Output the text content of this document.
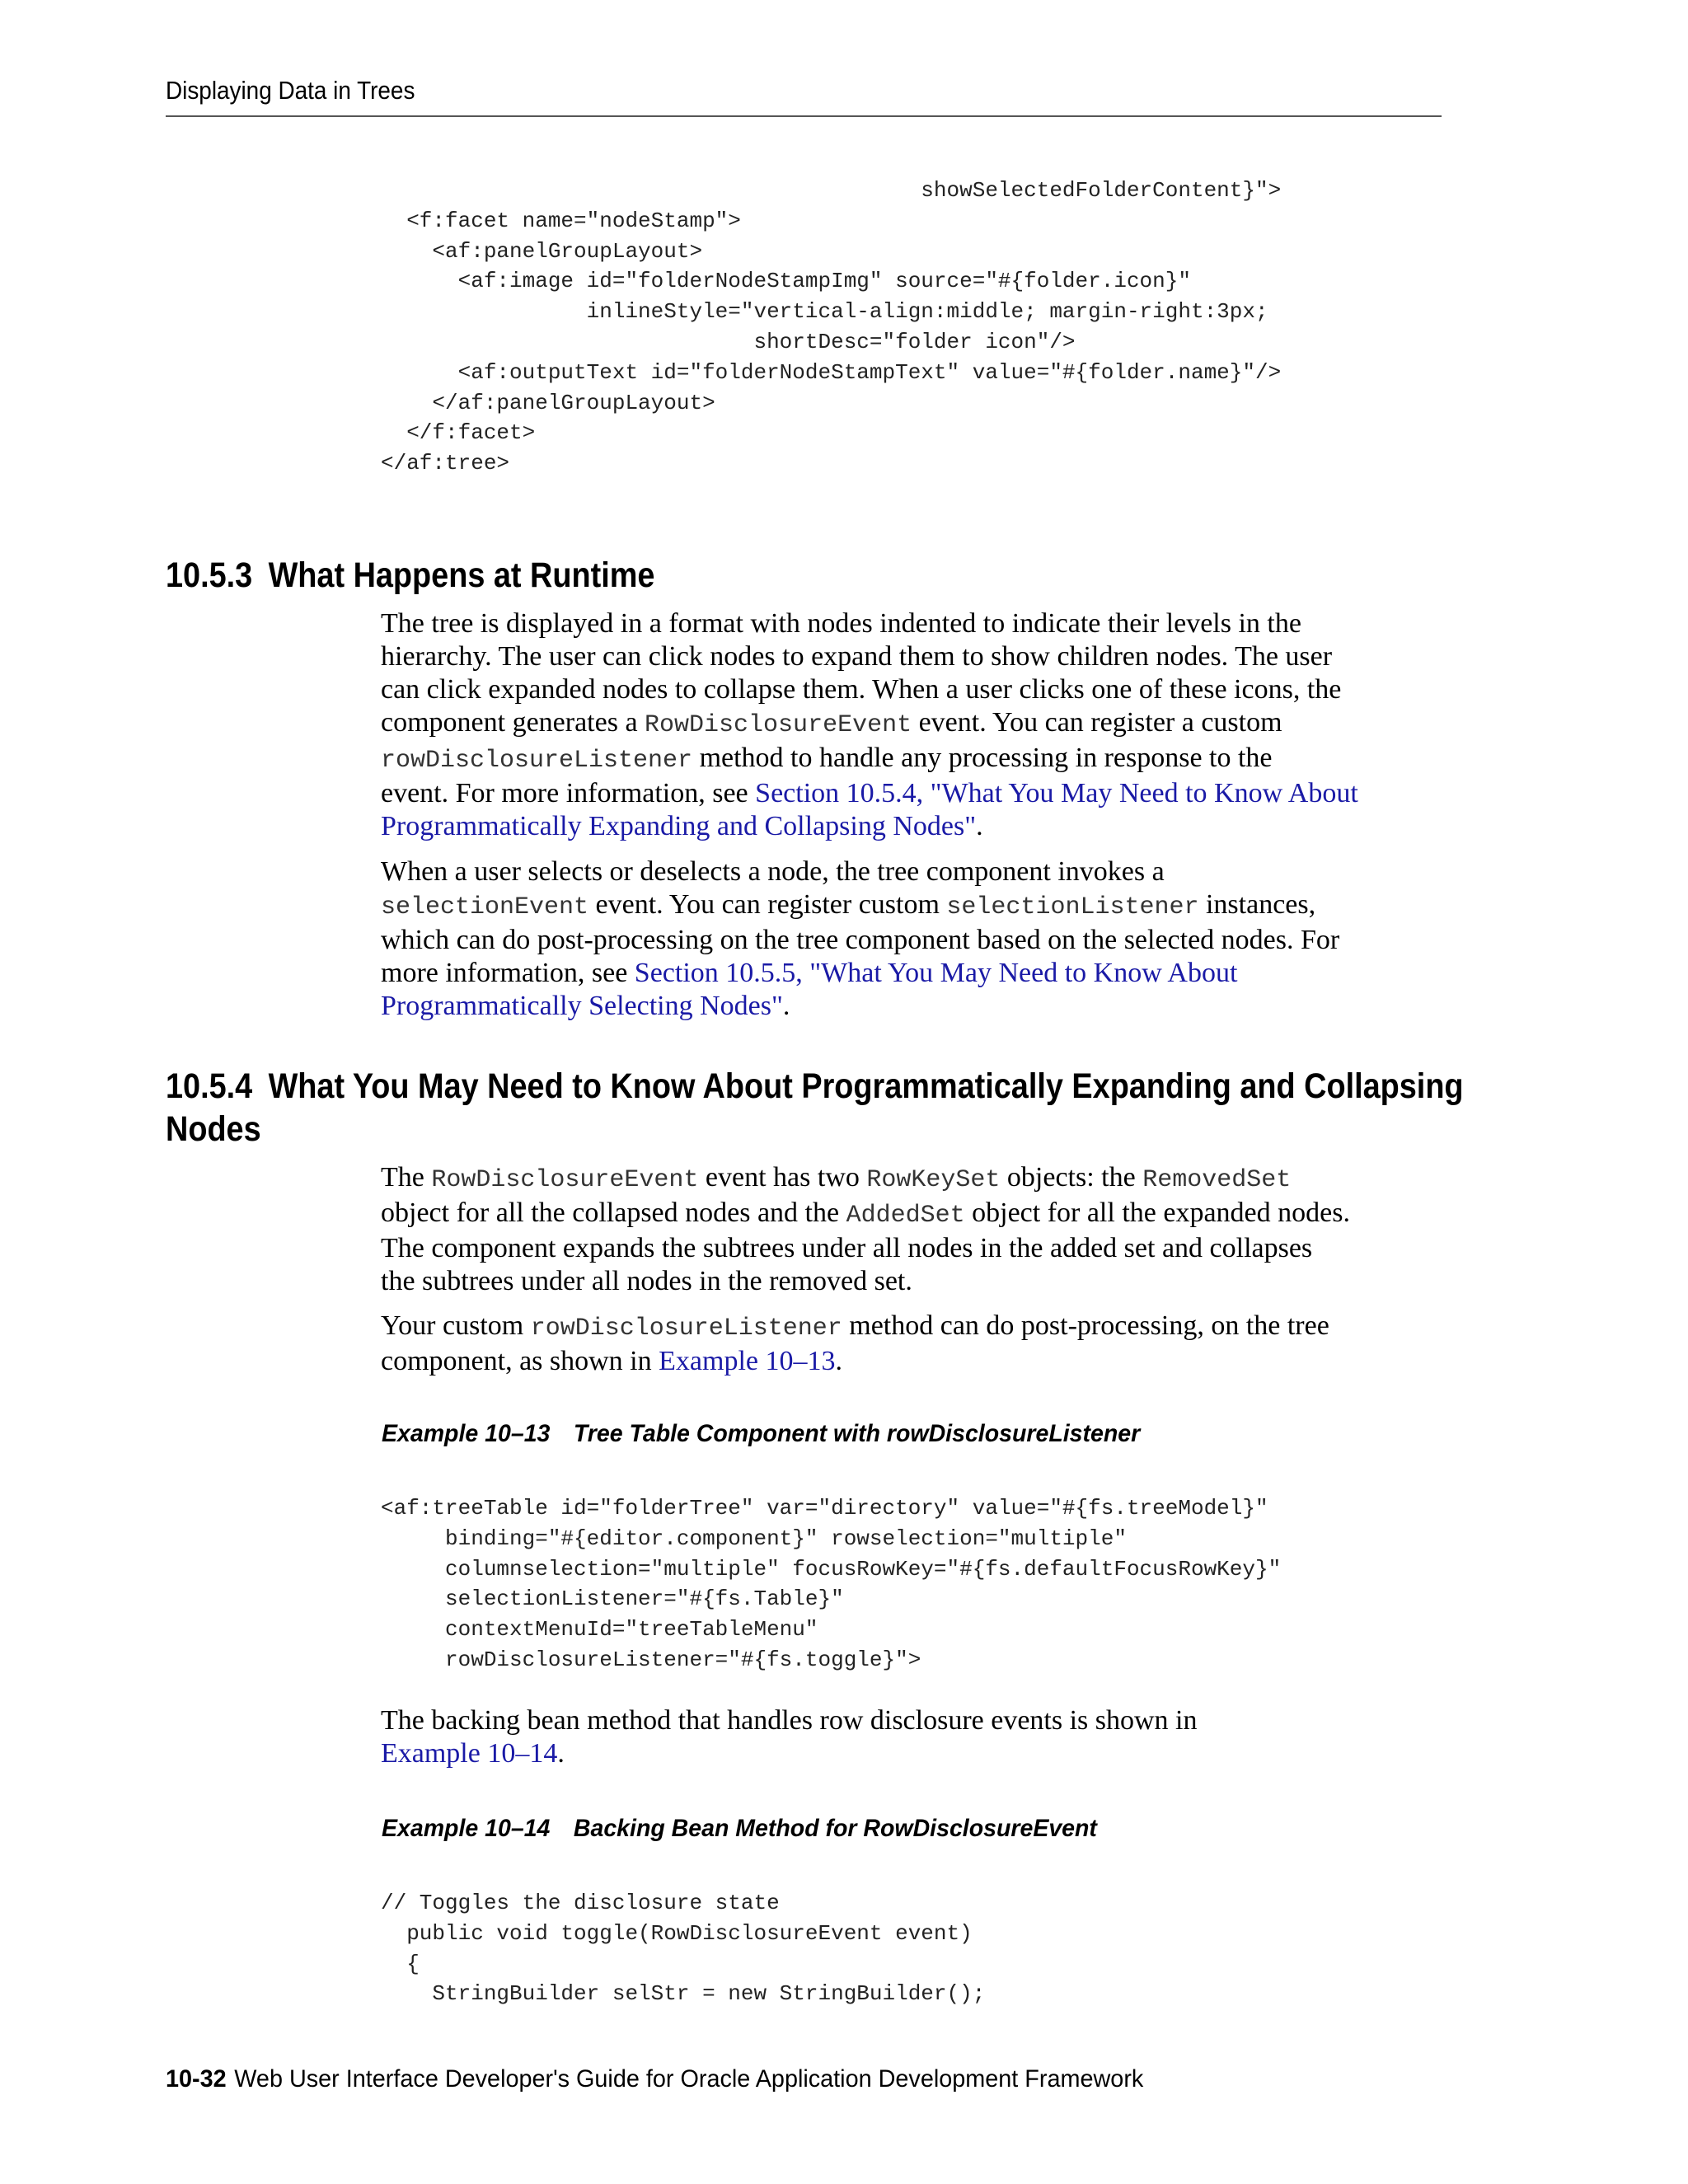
Displaying Data in Trees
showSelectedFolderContent}">
<f:facet name="nodeStamp">
<af:panelGroupLayout>
<af:image id="folderNodeStampImg" source="#{folder.icon}"
inlineStyle="vertical-align:middle; margin-right:3px;
shortDesc="folder icon"/>
<af:outputText id="folderNodeStampText" value="#{folder.name}"/>
</af:panelGroupLayout>
</f:facet>
</af:tree>
10.5.3 What Happens at Runtime
The tree is displayed in a format with nodes indented to indicate their levels in the
hierarchy. The user can click nodes to expand them to show children nodes. The user
can click expanded nodes to collapse them. When a user clicks one of these icons, the
component generates a RowDisclosureEvent event. You can register a custom
rowDisclosureListener method to handle any processing in response to the
event. For more information, see Section 10.5.4, "What You May Need to Know About
Programmatically Expanding and Collapsing Nodes".
When a user selects or deselects a node, the tree component invokes a
selectionEvent event. You can register custom selectionListener instances,
which can do post-processing on the tree component based on the selected nodes. For
more information, see Section 10.5.5, "What You May Need to Know About
Programmatically Selecting Nodes".
10.5.4 What You May Need to Know About Programmatically Expanding and Collapsing
Nodes
The RowDisclosureEvent event has two RowKeySet objects: the RemovedSet
object for all the collapsed nodes and the AddedSet object for all the expanded nodes.
The component expands the subtrees under all nodes in the added set and collapses
the subtrees under all nodes in the removed set.
Your custom rowDisclosureListener method can do post-processing, on the tree
component, as shown in Example 10–13.
Example 10–13 Tree Table Component with rowDisclosureListener
<af:treeTable id="folderTree" var="directory" value="#{fs.treeModel}"
binding="#{editor.component}" rowselection="multiple"
columnselection="multiple" focusRowKey="#{fs.defaultFocusRowKey}"
selectionListener="#{fs.Table}"
contextMenuId="treeTableMenu"
rowDisclosureListener="#{fs.toggle}">
The backing bean method that handles row disclosure events is shown in
Example 10–14.
Example 10–14 Backing Bean Method for RowDisclosureEvent
// Toggles the disclosure state
public void toggle(RowDisclosureEvent event)
{
StringBuilder selStr = new StringBuilder();
10-32 Web User Interface Developer's Guide for Oracle Application Development Framework
